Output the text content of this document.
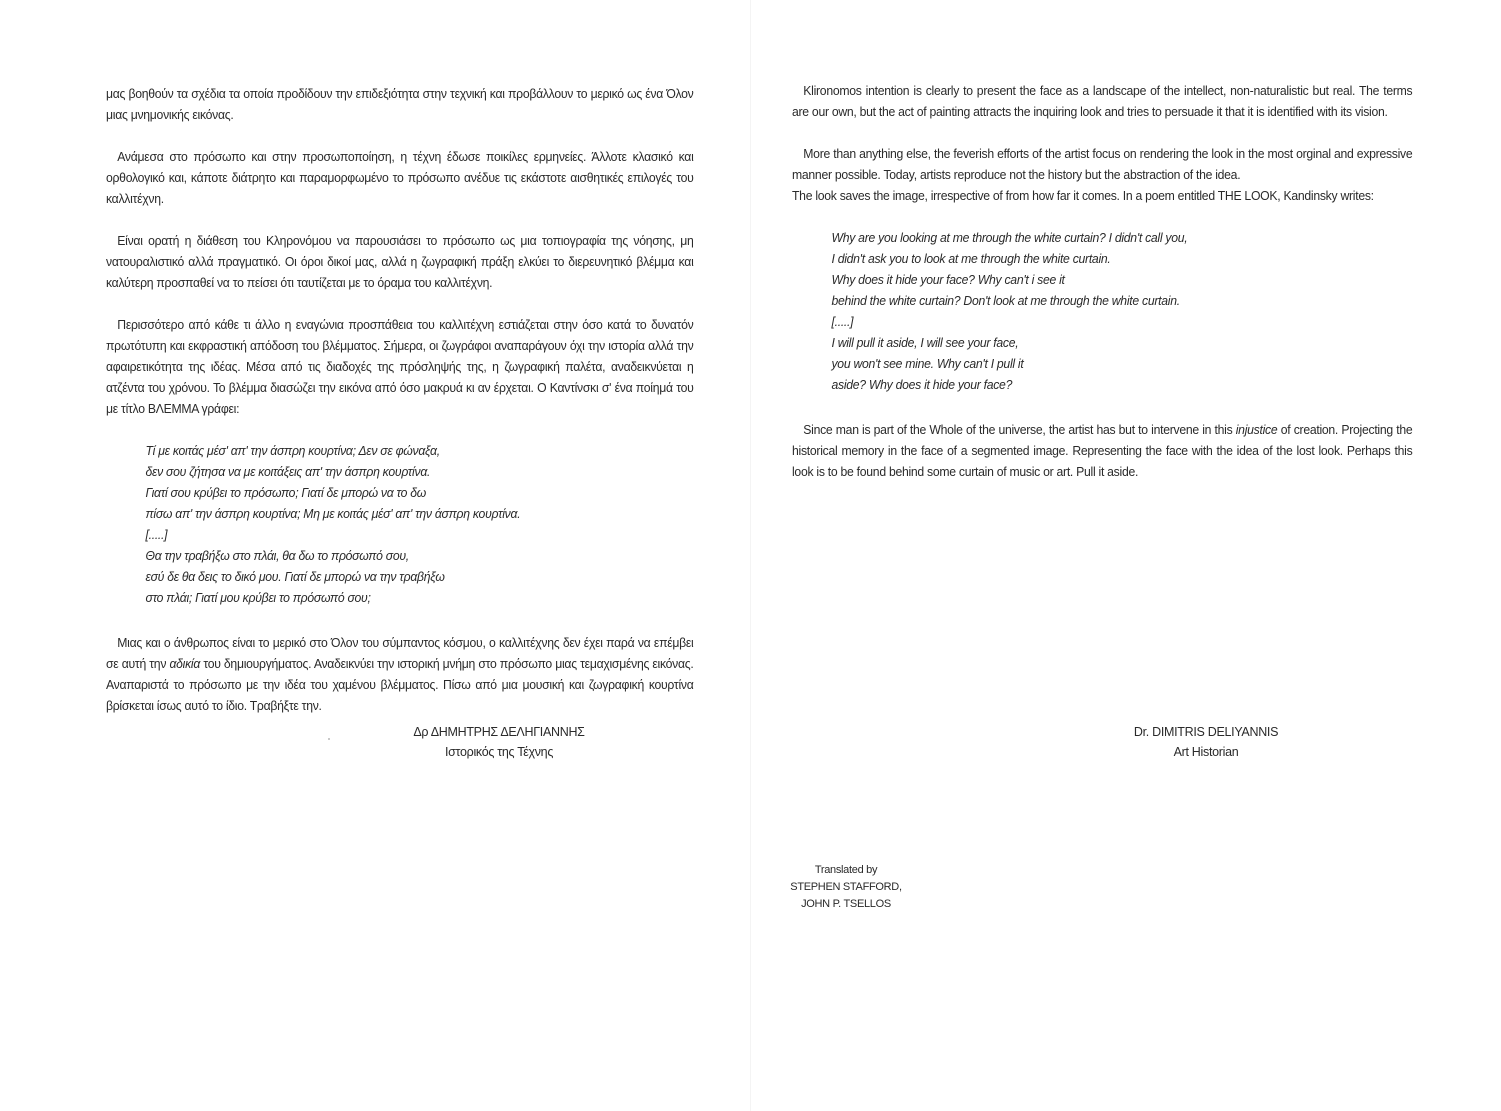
μας βοηθούν τα σχέδια τα οποία προδίδουν την επιδεξιότητα στην τεχνική και προβάλλουν το μερικό ως ένα Όλον μιας μνημονικής εικόνας.

Ανάμεσα στο πρόσωπο και στην προσωποποίηση, η τέχνη έδωσε ποικίλες ερμηνείες. Άλλοτε κλασικό και ορθολογικό και, κάποτε διάτρητο και παραμορφωμένο το πρόσωπο ανέδυε τις εκάστοτε αισθητικές επιλογές του καλλιτέχνη.

Είναι ορατή η διάθεση του Κληρονόμου να παρουσιάσει το πρόσωπο ως μια τοπιογραφία της νόησης, μη νατουραλιστικό αλλά πραγματικό. Οι όροι δικοί μας, αλλά η ζωγραφική πράξη ελκύει το διερευνητικό βλέμμα και καλύτερη προσπαθεί να το πείσει ότι ταυτίζεται με το όραμα του καλλιτέχνη.

Περισσότερο από κάθε τι άλλο η εναγώνια προσπάθεια του καλλιτέχνη εστιάζεται στην όσο κατά το δυνατόν πρωτότυπη και εκφραστική απόδοση του βλέμματος. Σήμερα, οι ζωγράφοι αναπαράγουν όχι την ιστορία αλλά την αφαιρετικότητα της ιδέας. Μέσα από τις διαδοχές της πρόσληψής της, η ζωγραφική παλέτα, αναδεικνύεται η ατζέντα του χρόνου. Το βλέμμα διασώζει την εικόνα από όσο μακρυά κι αν έρχεται. Ο Καντίνσκι σ' ένα ποίημά του με τίτλο ΒΛΕΜΜΑ γράφει:

Τί με κοιτάς μέσ' απ' την άσπρη κουρτίνα; Δεν σε φώναξα,
δεν σου ζήτησα να με κοιτάξεις απ' την άσπρη κουρτίνα.
Γιατί σου κρύβει το πρόσωπο; Γιατί δε μπορώ να το δω
πίσω απ' την άσπρη κουρτίνα; Μη με κοιτάς μέσ' απ' την άσπρη κουρτίνα.
[.....]
Θα την τραβήξω στο πλάι, θα δω το πρόσωπό σου,
εσύ δε θα δεις το δικό μου. Γιατί δε μπορώ να την τραβήξω
στο πλάι; Γιατί μου κρύβει το πρόσωπό σου;

Μιας και ο άνθρωπος είναι το μερικό στο Όλον του σύμπαντος κόσμου, ο καλλιτέχνης δεν έχει παρά να επέμβει σε αυτή την αδικία του δημιουργήματος. Αναδεικνύει την ιστορική μνήμη στο πρόσωπο μιας τεμαχισμένης εικόνας. Αναπαριστά το πρόσωπο με την ιδέα του χαμένου βλέμματος. Πίσω από μια μουσική και ζωγραφική κουρτίνα βρίσκεται ίσως αυτό το ίδιο. Τραβήξτε την.

Δρ ΔΗΜΗΤΡΗΣ ΔΕΛΗΓΙΑΝΝΗΣ
Ιστορικός της Τέχνης

Klironomos intention is clearly to present the face as a landscape of the intellect, non-naturalistic but real. The terms are our own, but the act of painting attracts the inquiring look and tries to persuade it that it is identified with its vision.

More than anything else, the feverish efforts of the artist focus on rendering the look in the most orginal and expressive manner possible. Today, artists reproduce not the history but the abstraction of the idea.

The look saves the image, irrespective of from how far it comes. In a poem entitled THE LOOK, Kandinsky writes:

Why are you looking at me through the white curtain? I didn't call you,
I didn't ask you to look at me through the white curtain.
Why does it hide your face? Why can't i see it
behind the white curtain? Don't look at me through the white curtain.
[.....]
I will pull it aside, I will see your face,
you won't see mine. Why can't I pull it
aside? Why does it hide your face?

Since man is part of the Whole of the universe, the artist has but to intervene in this injustice of creation. Projecting the historical memory in the face of a segmented image. Representing the face with the idea of the lost look. Perhaps this look is to be found behind some curtain of music or art. Pull it aside.

Dr. DIMITRIS DELIYANNIS
Art Historian
Translated by
STEPHEN STAFFORD,
JOHN P. TSELLOS
